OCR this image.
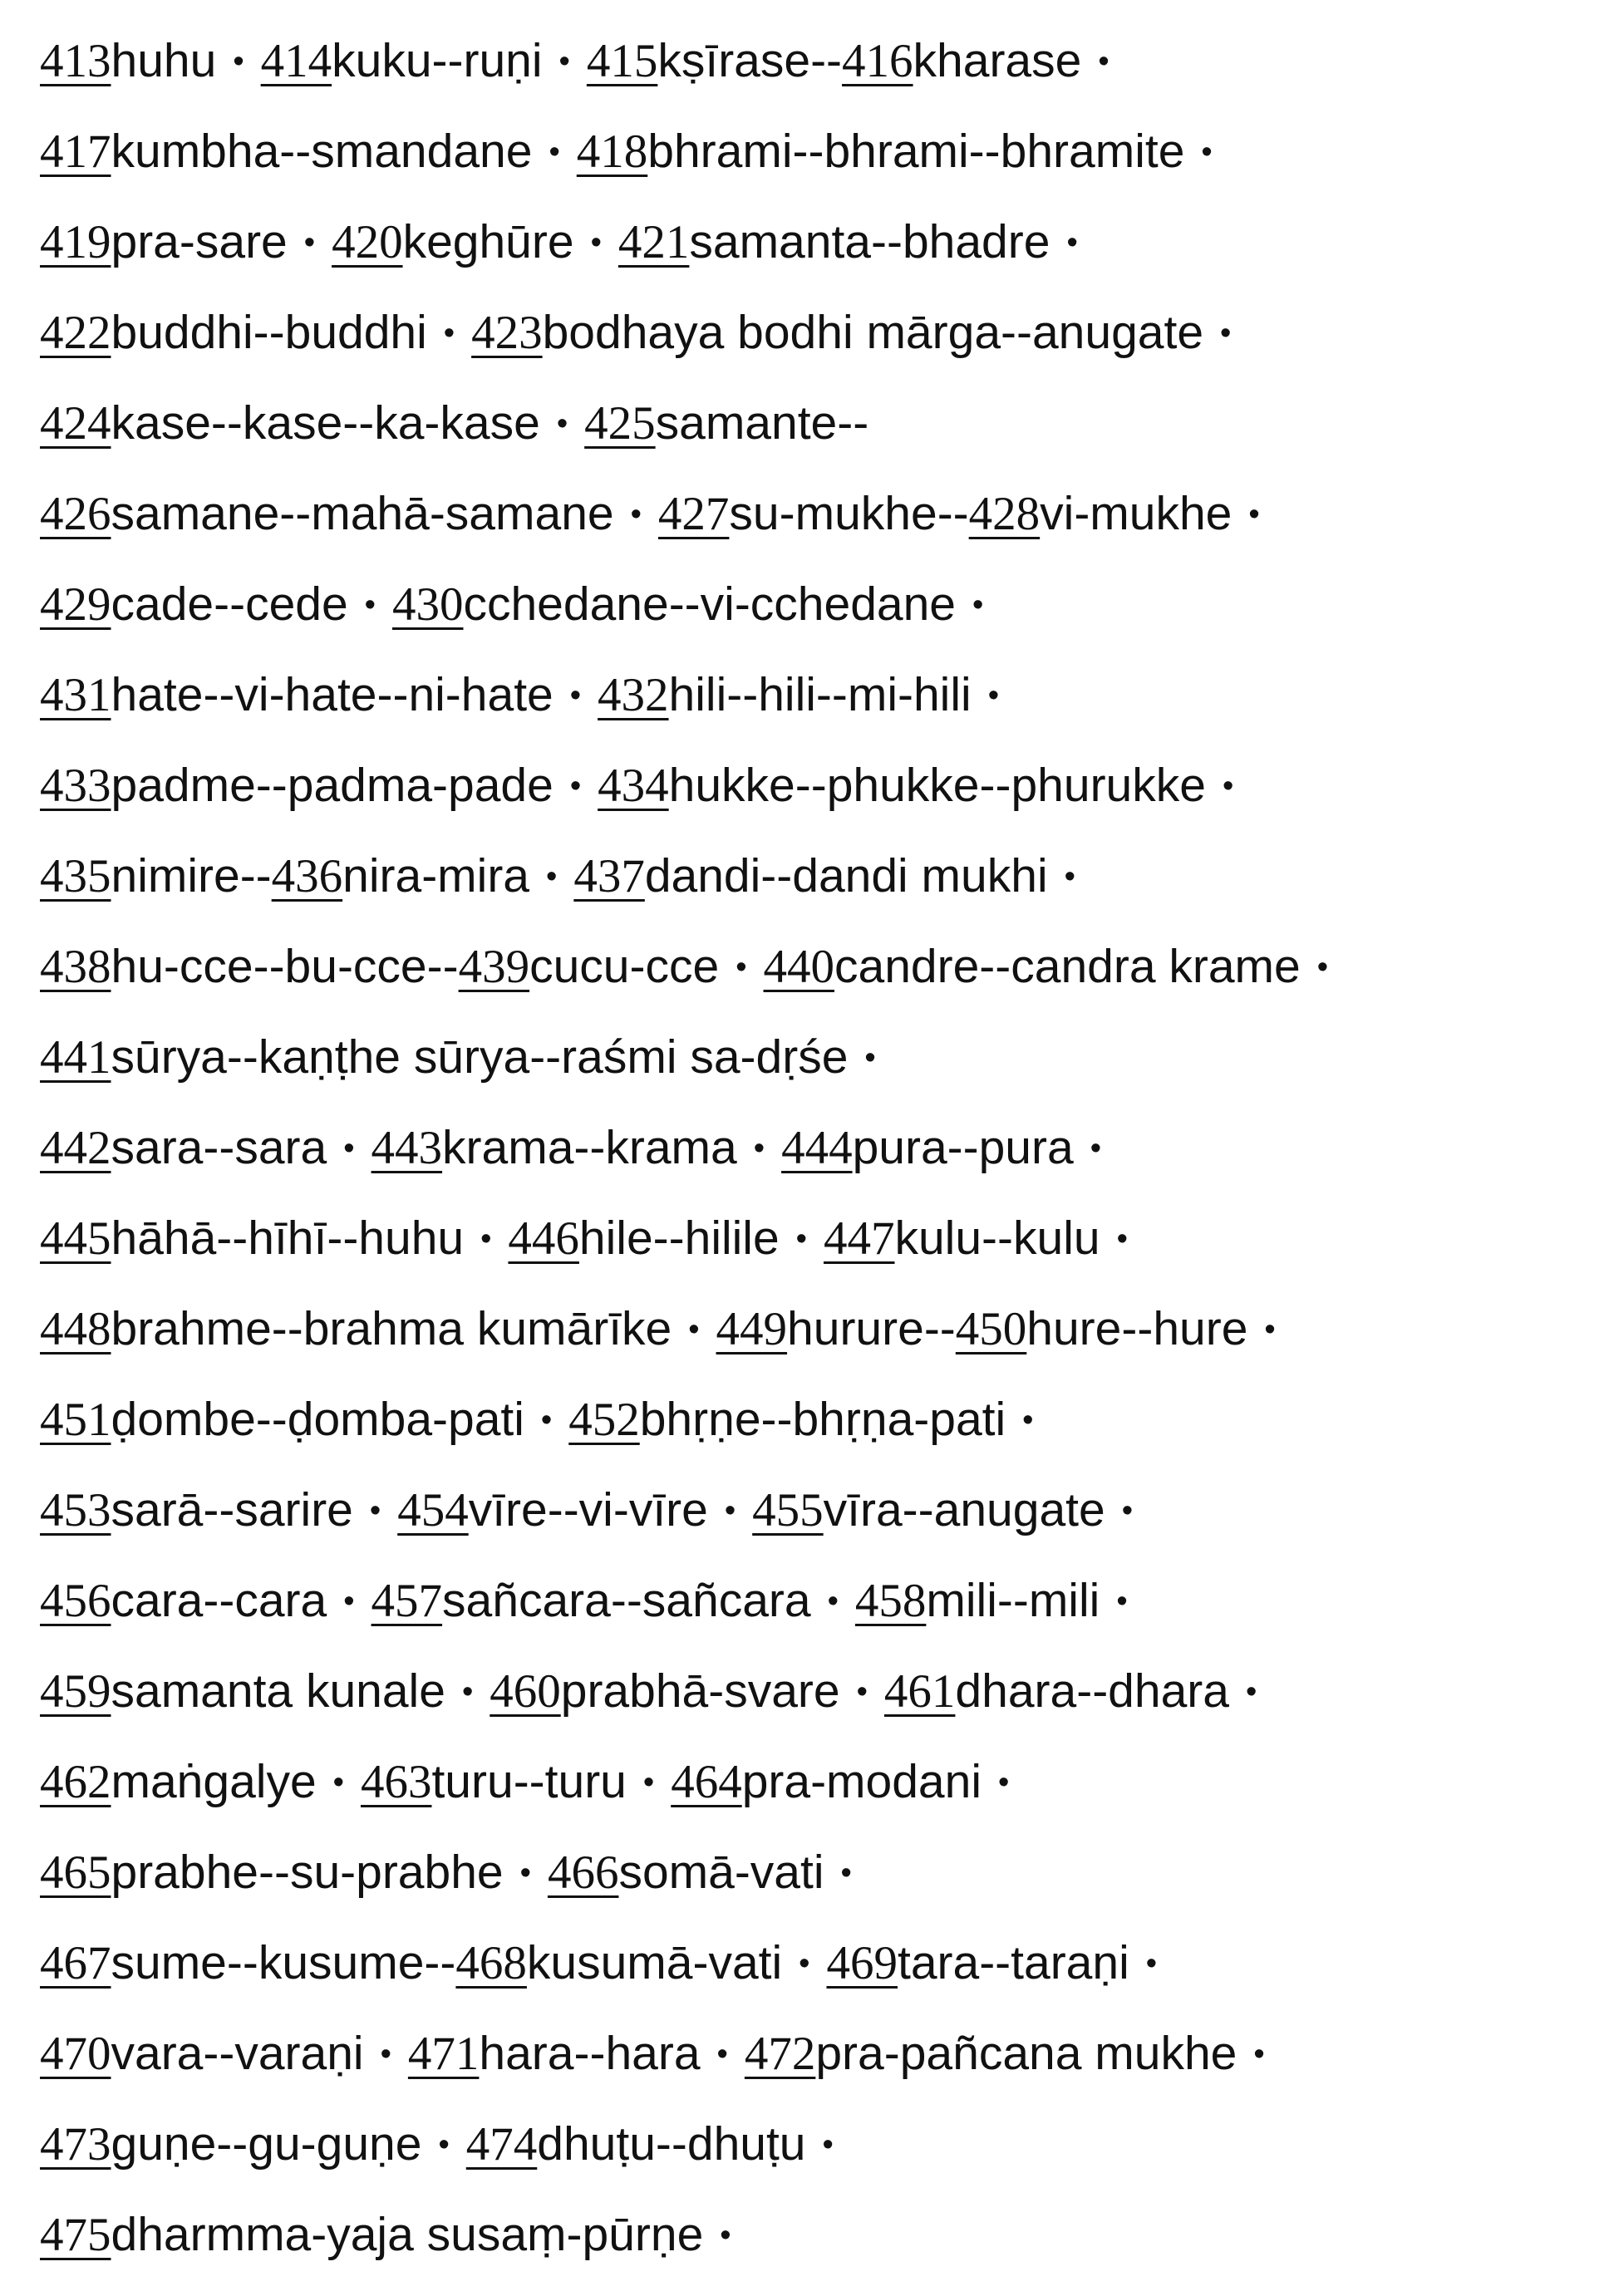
413huhu • 414kuku--ruṇi • 415kṣīrase--416kharase •
417kumbha--smandane • 418bhrami--bhrami--bhramite •
419pra-sare • 420keghūre • 421samanta--bhadre •
422buddhi--buddhi • 423bodhaya bodhi mārga--anugate •
424kase--kase--ka-kase • 425samante--
426samane--mahā-samane • 427su-mukhe--428vi-mukhe •
429cade--cede • 430cchedane--vi-cchedane •
431hate--vi-hate--ni-hate • 432hili--hili--mi-hili •
433padme--padma-pade • 434hukke--phukke--phurukke •
435nimire--436nira-mira • 437dandi--dandi mukhi •
438hu-cce--bu-cce--439cucu-cce • 440candre--candra krame •
441sūrya--kaṇṭhe sūrya--raśmi sa-dṛśe •
442sara--sara • 443krama--krama • 444pura--pura •
445hāhā--hīhī--huhu • 446hile--hilile • 447kulu--kulu •
448brahme--brahma kumārīke • 449hurure--450hure--hure •
451ḍombe--ḍomba-pati • 452bhṛṇe--bhṛṇa-pati •
453sarā--sarire • 454vīre--vi-vīre • 455vīra--anugate •
456cara--cara • 457sañcara--sañcara • 458mili--mili •
459samanta kunale • 460prabhā-svare • 461dhara--dhara •
462maṅgalye • 463turu--turu • 464pra-modani •
465prabhe--su-prabhe • 466somā-vati •
467sume--kusume--468kusumā-vati • 469tara--taraṇi •
470vara--varaṇi • 471hara--hara • 472pra-pañcana mukhe •
473guṇe--gu-guṇe • 474dhuṭu--dhuṭu •
475dharmma-yaja susaṃ-pūrṇe •
